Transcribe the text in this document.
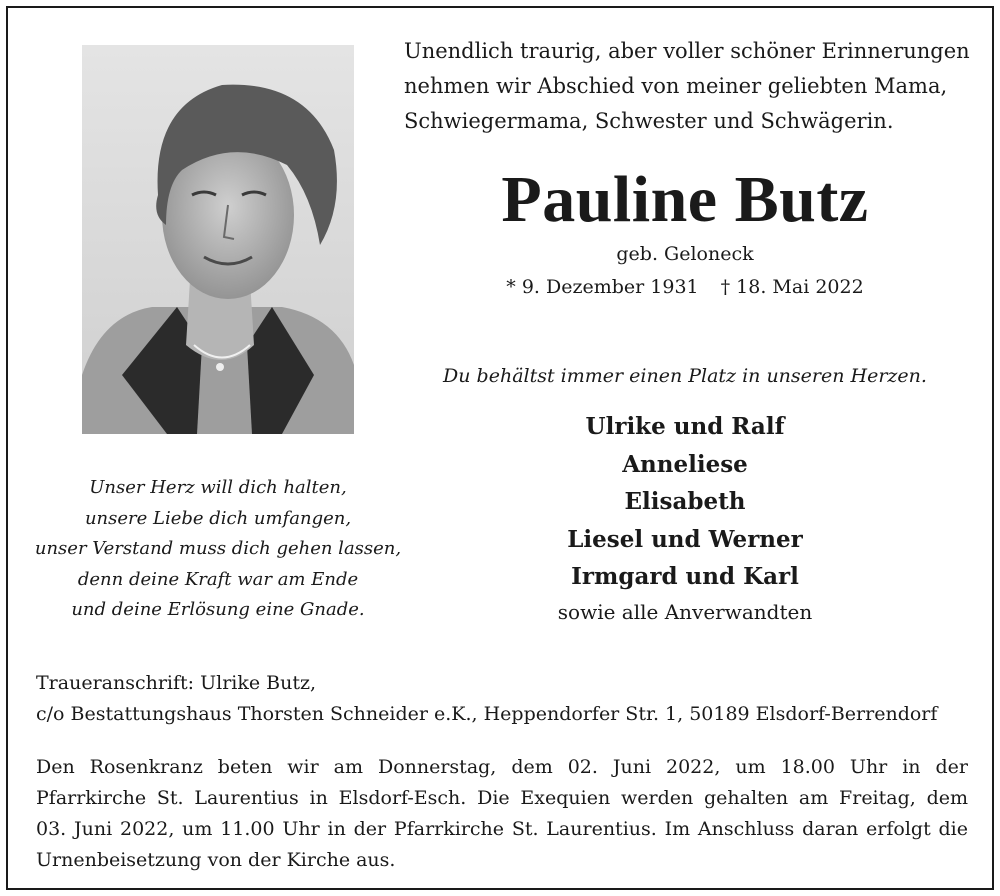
Unendlich traurig, aber voller schöner Erinnerungen
nehmen wir Abschied von meiner geliebten Mama,
Schwiegermama, Schwester und Schwägerin.
Pauline Butz
geb. Geloneck
* 9. Dezember 1931 † 18. Mai 2022
Du behältst immer einen Platz in unseren Herzen.
Ulrike und Ralf
Anneliese
Elisabeth
Liesel und Werner
Irmgard und Karl
sowie alle Anverwandten
Unser Herz will dich halten,
unsere Liebe dich umfangen,
unser Verstand muss dich gehen lassen,
denn deine Kraft war am Ende
und deine Erlösung eine Gnade.
Traueranschrift: Ulrike Butz,
c/o Bestattungshaus Thorsten Schneider e.K., Heppendorfer Str. 1, 50189 Elsdorf-Berrendorf
Den Rosenkranz beten wir am Donnerstag, dem 02. Juni 2022, um 18.00 Uhr in der
Pfarrkirche St. Laurentius in Elsdorf-Esch. Die Exequien werden gehalten am Freitag, dem
03. Juni 2022, um 11.00 Uhr in der Pfarrkirche St. Laurentius. Im Anschluss daran erfolgt die
Urnenbeisetzung von der Kirche aus.
